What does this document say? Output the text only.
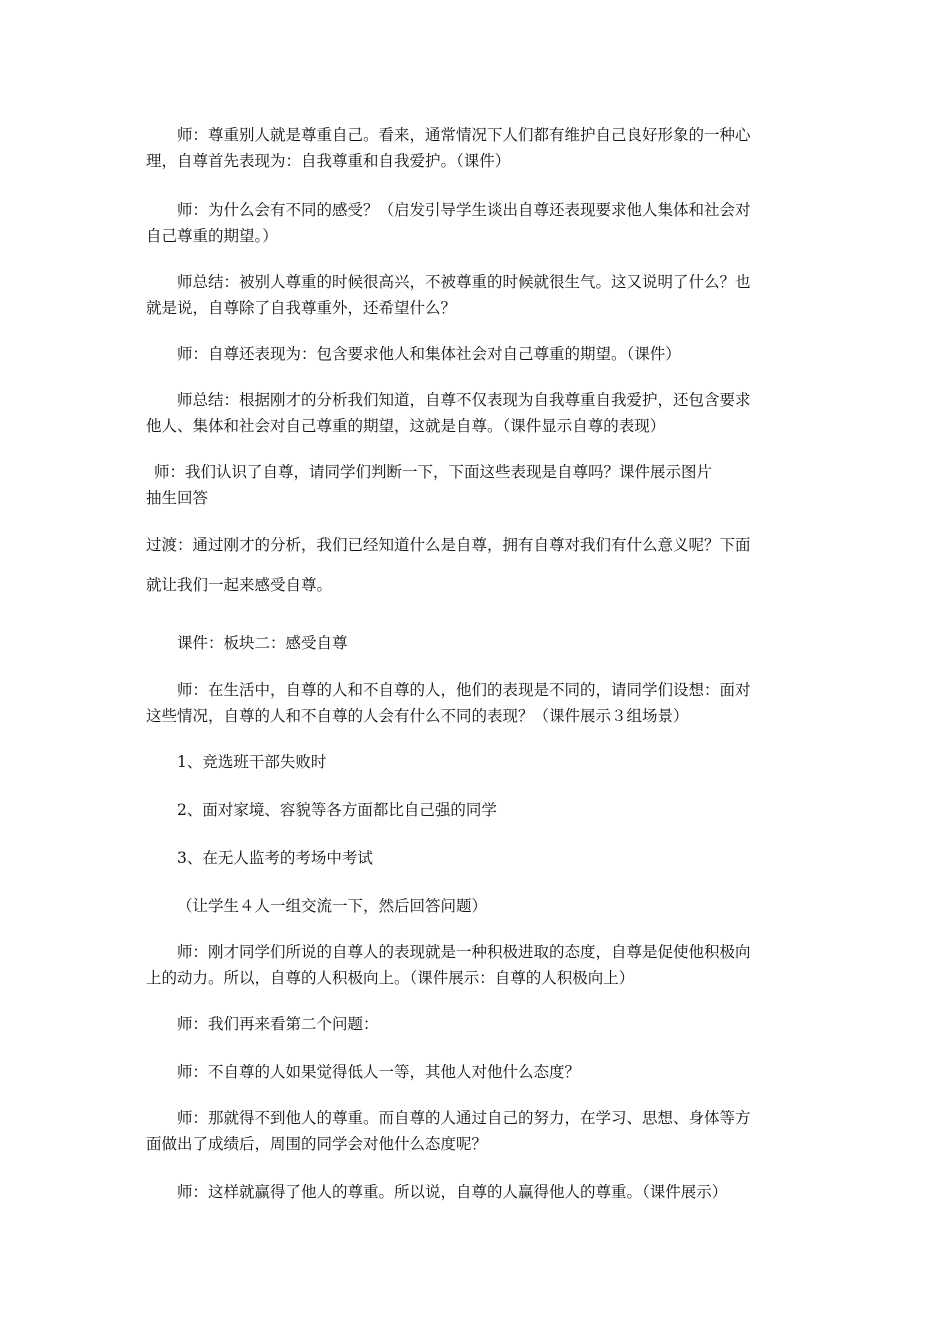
师：尊重别人就是尊重自己。看来，通常情况下人们都有维护自己良好形象的一种心
理，自尊首先表现为：自我尊重和自我爱护。（课件）

师：为什么会有不同的感受？（启发引导学生谈出自尊还表现要求他人集体和社会对
自己尊重的期望。）

师总结：被别人尊重的时候很高兴，不被尊重的时候就很生气。这又说明了什么？也
就是说，自尊除了自我尊重外，还希望什么？

师：自尊还表现为：包含要求他人和集体社会对自己尊重的期望。（课件）

师总结：根据刚才的分析我们知道，自尊不仅表现为自我尊重自我爱护，还包含要求
他人、集体和社会对自己尊重的期望，这就是自尊。（课件显示自尊的表现）

师：我们认识了自尊，请同学们判断一下，下面这些表现是自尊吗？课件展示图片
抽生回答

过渡：通过刚才的分析，我们已经知道什么是自尊，拥有自尊对我们有什么意义呢？下面
就让我们一起来感受自尊。

课件：板块二：感受自尊

师：在生活中，自尊的人和不自尊的人，他们的表现是不同的，请同学们设想：面对
这些情况，自尊的人和不自尊的人会有什么不同的表现？（课件展示３组场景）

1、竞选班干部失败时

2、面对家境、容貌等各方面都比自己强的同学

3、在无人监考的考场中考试

（让学生４人一组交流一下，然后回答问题）

师：刚才同学们所说的自尊人的表现就是一种积极进取的态度，自尊是促使他积极向
上的动力。所以，自尊的人积极向上。（课件展示：自尊的人积极向上）

师：我们再来看第二个问题：

师：不自尊的人如果觉得低人一等，其他人对他什么态度？

师：那就得不到他人的尊重。而自尊的人通过自己的努力，在学习、思想、身体等方
面做出了成绩后，周围的同学会对他什么态度呢？

师：这样就赢得了他人的尊重。所以说，自尊的人赢得他人的尊重。（课件展示）
